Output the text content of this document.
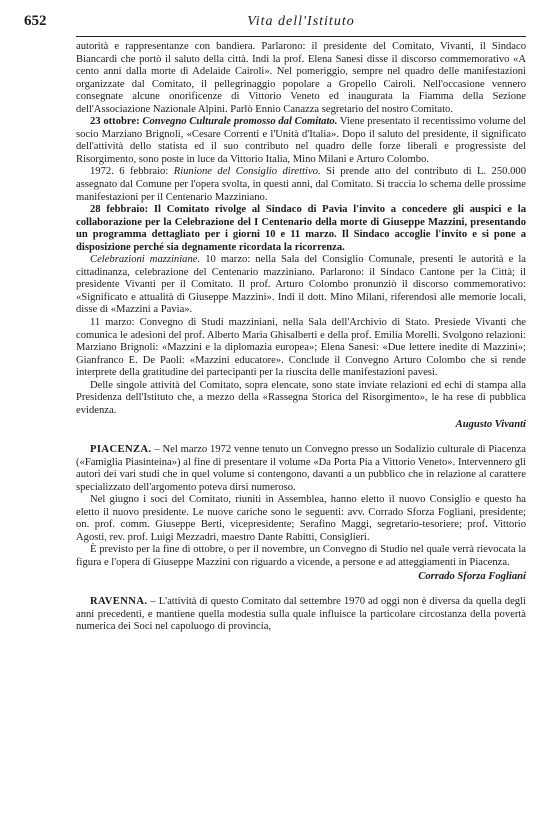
652	Vita dell'Istituto

autorità e rappresentanze con bandiera. Parlarono: il presidente del Comitato, Vivanti, il Sindaco Biancardi che portò il saluto della città. Indi la prof. Elena Sanesi disse il discorso commemorativo «A cento anni dalla morte di Adelaide Cairoli». Nel pomeriggio, sempre nel quadro delle manifestazioni organizzate dal Comitato, il pellegrinaggio popolare a Gropello Cairoli. Nell'occasione vennero consegnate alcune onorificenze di Vittorio Veneto ed inaugurata la Fiamma della Sezione dell'Associazione Nazionale Alpini. Parlò Ennio Canazza segretario del nostro Comitato.

23 ottobre: Convegno Culturale promosso dal Comitato. Viene presentato il recentissimo volume del socio Marziano Brignoli, «Cesare Correnti e l'Unità d'Italia». Dopo il saluto del presidente, il significato dell'attività dello statista ed il suo contributo nel quadro delle forze liberali e progressiste del Risorgimento, sono poste in luce da Vittorio Italia, Mino Milani e Arturo Colombo.

1972. 6 febbraio: Riunione del Consiglio direttivo. Si prende atto del contributo di L. 250.000 assegnato dal Comune per l'opera svolta, in questi anni, dal Comitato. Si traccia lo schema delle prossime manifestazioni per il Centenario Mazziniano.

28 febbraio: Il Comitato rivolge al Sindaco di Pavia l'invito a concedere gli auspici e la collaborazione per la Celebrazione del I Centenario della morte di Giuseppe Mazzini, presentando un programma dettagliato per i giorni 10 e 11 marzo. Il Sindaco accoglie l'invito e si pone a disposizione perché sia degnamente ricordata la ricorrenza.

Celebrazioni mazziniane. 10 marzo: nella Sala del Consiglio Comunale, presenti le autorità e la cittadinanza, celebrazione del Centenario mazziniano. Parlarono: il Sindaco Cantone per la Città; il presidente Vivanti per il Comitato. Il prof. Arturo Colombo pronunziò il discorso commemorativo: «Significato e attualità di Giuseppe Mazzini». Indi il dott. Mino Milani, riferendosi alle memorie locali, disse di «Mazzini a Pavia».

11 marzo: Convegno di Studi mazziniani, nella Sala dell'Archivio di Stato. Presiede Vivanti che comunica le adesioni del prof. Alberto Maria Ghisalberti e della prof. Emilia Morelli. Svolgono relazioni: Marziano Brignoli: «Mazzini e la diplomazia europea»; Elena Sanesi: «Due lettere inedite di Mazzini»; Gianfranco E. De Paoli: «Mazzini educatore». Conclude il Convegno Arturo Colombo che si rende interprete della gratitudine dei partecipanti per la riuscita delle manifestazioni pavesi.

Delle singole attività del Comitato, sopra elencate, sono state inviate relazioni ed echi di stampa alla Presidenza dell'Istituto che, a mezzo della «Rassegna Storica del Risorgimento», le ha rese di pubblica evidenza.

Augusto Vivanti

PIACENZA. – Nel marzo 1972 venne tenuto un Convegno presso un Sodalizio culturale di Piacenza («Famiglia Piasinteina») al fine di presentare il volume «Da Porta Pia a Vittorio Veneto». Intervennero gli autori dei vari studi che in quel volume si contengono, davanti a un pubblico che in relazione al carattere specializzato dell'argomento poteva dirsi numeroso.

Nel giugno i soci del Comitato, riuniti in Assemblea, hanno eletto il nuovo Consiglio e questo ha eletto il nuovo presidente. Le nuove cariche sono le seguenti: avv. Corrado Sforza Fogliani, presidente; on. prof. comm. Giuseppe Berti, vicepresidente; Serafino Maggi, segretario-tesoriere; prof. Vittorio Agosti, rev. prof. Luigi Mezzadri, maestro Dante Rabitti, Consiglieri.

È previsto per la fine di ottobre, o per il novembre, un Convegno di Studio nel quale verrà rievocata la figura e l'opera di Giuseppe Mazzini con riguardo a vicende, a persone e ad atteggiamenti in Piacenza.

Corrado Sforza Fogliani

RAVENNA. – L'attività di questo Comitato dal settembre 1970 ad oggi non è diversa da quella degli anni precedenti, e mantiene quella modestia sulla quale influisce la particolare circostanza della povertà numerica dei Soci nel capoluogo di provincia,
